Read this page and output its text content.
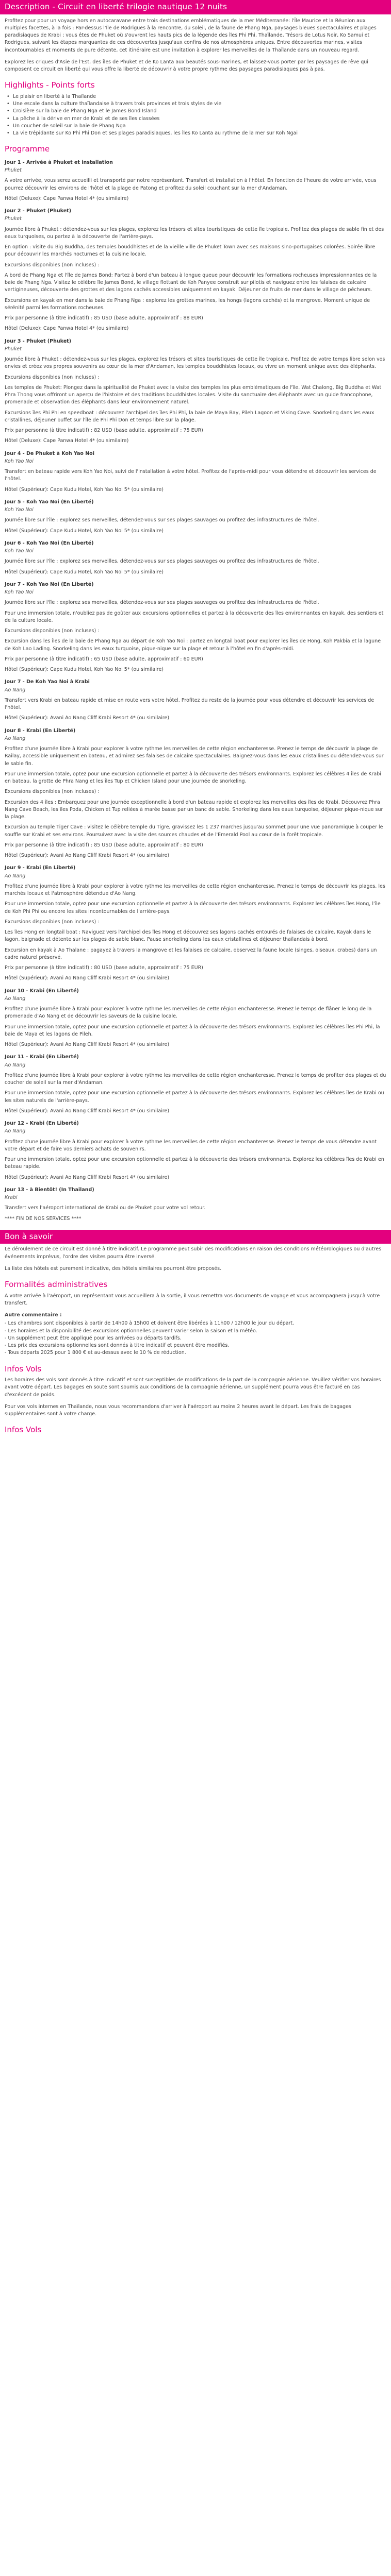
Description - Circuit en liberté trilogie nautique 12 nuits

Profitez pour pour un voyage hors en autocaravane entre trois destinations emblématiques de la mer Méditerranée: l'Île Maurice et la Réunion aux multiples facettes, à la fois : Par-dessus l'Île de Rodrigues à la rencontre, du soleil, de la faune de Phang Nga, paysages bleues spectaculaires et plages paradisiaques de Krabi ; vous êtes de Phuket où s'ouvrent les hauts pics de la légende des îles Phi Phi, Thaïlande, Trésors de Lotus Noir, Ko Samui et Rodrigues, suivant les étapes marquantes de ces découvertes jusqu'aux confins de nos atmosphères uniques. Entre découvertes marines, visites incontournables et moments de pure détente, cet itinéraire est une invitation à explorer les merveilles de la Thaïlande dans un nouveau regard.

Explorez les criques d'Asie de l'Est, des îles de Phuket et de Ko Lanta aux beautés sous-marines, et laissez-vous porter par les paysages de rêve qui composent ce circuit en liberté qui vous offre la liberté de découvrir à votre propre rythme des paysages paradisiaques pas à pas.

Highlights - Points forts
• Le plaisir en liberté à la Thaïlande
• Une escale dans la culture thaïlandaise à travers trois provinces et trois styles de vie
• Croisière sur la baie de Phang Nga et le James Bond Island
• La pêche à la dérive en mer de Krabi et de ses îles classées
• Un coucher de soleil sur la baie de Phang Nga
• La vie trépidante sur Ko Phi Phi Don et ses plages paradisiaques, les îles Ko Lanta au rythme de la mer sur Koh Ngai
Programme
Jour 1 - Arrivée à Phuket et installation
Phuket

A votre arrivée, vous serez accueilli et transporté par notre représentant. Transfert et installation à l'hôtel. En fonction de l'heure de votre arrivée, vous pourrez découvrir les environs de l'hôtel et la plage de Patong et profitez du soleil couchant sur la mer d'Andaman.

Hôtel (Deluxe): Cape Panwa Hotel 4* (ou similaire)

Jour 2 - Phuket (Phuket)
Phuket

Journée libre à Phuket : détendez-vous sur les plages, explorez les trésors et sites touristiques de cette île tropicale. Profitez des plages de sable fin et des eaux turquoises, ou partez à la découverte de l'arrière-pays.

En option : visite du Big Buddha, des temples bouddhistes et de la vieille ville de Phuket Town avec ses maisons sino-portugaises colorées. Soirée libre pour découvrir les marchés nocturnes et la cuisine locale.

Excursions disponibles (non incluses) :

A bord de Phang Nga et l'île de James Bond: Partez à bord d'un bateau à longue queue pour découvrir les formations rocheuses impressionnantes de la baie de Phang Nga. Visitez le célèbre île James Bond, le village flottant de Koh Panyee construit sur pilotis et naviguez entre les falaises de calcaire vertigineuses, découverte des grottes et des lagons cachés accessibles uniquement en kayak. Déjeuner de fruits de mer dans le village de pêcheurs.

Excursions en kayak en mer dans la baie de Phang Nga : explorez les grottes marines, les hongs (lagons cachés) et la mangrove. Moment unique de sérénité parmi les formations rocheuses.

Prix par personne (à titre indicatif) : 85 USD (base adulte, approximatif : 88 EUR)

Hôtel (Deluxe): Cape Panwa Hotel 4* (ou similaire)
Jour 3 - Phuket (Phuket)
Phuket

Journée libre à Phuket : détendez-vous sur les plages, explorez les trésors et sites touristiques de cette île tropicale. Profitez de votre temps libre selon vos envies et créez vos propres souvenirs au cœur de la mer d'Andaman, les temples bouddhistes locaux, ou vivre un moment unique avec des éléphants.

Excursions disponibles (non incluses) :

Les temples de Phuket: Plongez dans la spiritualité de Phuket avec la visite des temples les plus emblématiques de l'île. Wat Chalong, Big Buddha et Wat Phra Thong vous offriront un aperçu de l'histoire et des traditions bouddhistes locales. Visite du sanctuaire des éléphants avec un guide francophone, promenade et observation des éléphants dans leur environnement naturel.

Excursions îles Phi Phi en speedboat : découvrez l'archipel des îles Phi Phi, la baie de Maya Bay, Pileh Lagoon et Viking Cave. Snorkeling dans les eaux cristallines, déjeuner buffet sur l'île de Phi Phi Don et temps libre sur la plage.

Prix par personne (à titre indicatif) : 82 USD (base adulte, approximatif : 75 EUR)

Hôtel (Deluxe): Cape Panwa Hotel 4* (ou similaire)
Jour 4 - De Phuket à Koh Yao Noi
Koh Yao Noi

Transfert en bateau rapide vers Koh Yao Noi, suivi de l'installation à votre hôtel. Profitez de l'après-midi pour vous détendre et découvrir les services de l'hôtel.

Hôtel (Supérieur): Cape Kudu Hotel, Koh Yao Noi 5* (ou similaire)
Jour 5 - Koh Yao Noi (En Liberté)
Koh Yao Noi

Journée libre sur l'île : explorez ses merveilles, détendez-vous sur ses plages sauvages ou profitez des infrastructures de l'hôtel.

Hôtel (Supérieur): Cape Kudu Hotel, Koh Yao Noi 5* (ou similaire)
Jour 6 - Koh Yao Noi (En Liberté)
Koh Yao Noi

Journée libre sur l'île : explorez ses merveilles, détendez-vous sur ses plages sauvages ou profitez des infrastructures de l'hôtel.

Hôtel (Supérieur): Cape Kudu Hotel, Koh Yao Noi 5* (ou similaire)
Jour 7 - Koh Yao Noi (En Liberté)
Koh Yao Noi

Journée libre sur l'île : explorez ses merveilles, détendez-vous sur ses plages sauvages ou profitez des infrastructures de l'hôtel.

Pour une immersion totale, n'oubliez pas de goûter aux excursions optionnelles et partez à la découverte des îles environnantes en kayak, des sentiers et de la culture locale.

Excursions disponibles (non incluses) :

Excursion dans les îles de la baie de Phang Nga au départ de Koh Yao Noi : partez en longtail boat pour explorer les îles de Hong, Koh Pakbia et la lagune de Koh Lao Lading. Snorkeling dans les eaux turquoise, pique-nique sur la plage et retour à l'hôtel en fin d'après-midi.

Prix par personne (à titre indicatif) : 65 USD (base adulte, approximatif : 60 EUR)

Hôtel (Supérieur): Cape Kudu Hotel, Koh Yao Noi 5* (ou similaire)
Jour 7 - De Koh Yao Noi à Krabi
Ao Nang

Transfert vers Krabi en bateau rapide et mise en route vers votre hôtel. Profitez du reste de la journée pour vous détendre et découvrir les services de l'hôtel.

Hôtel (Supérieur): Avani Ao Nang Cliff Krabi Resort 4* (ou similaire)
Jour 8 - Krabi (En Liberté)
Ao Nang

Profitez d'une journée libre à Krabi pour explorer à votre rythme les merveilles de cette région enchanteresse. Prenez le temps de découvrir la plage de Railay, accessible uniquement en bateau, et admirez ses falaises de calcaire spectaculaires. Baignez-vous dans les eaux cristallines ou détendez-vous sur le sable fin.

Pour une immersion totale, optez pour une excursion optionnelle et partez à la découverte des trésors environnants. Explorez les célèbres 4 îles de Krabi en bateau, la grotte de Phra Nang et les îles Tup et Chicken Island pour une journée de snorkeling.

Excursions disponibles (non incluses) :

Excursion des 4 îles : Embarquez pour une journée exceptionnelle à bord d'un bateau rapide et explorez les merveilles des îles de Krabi. Découvrez Phra Nang Cave Beach, les îles Poda, Chicken et Tup reliées à marée basse par un banc de sable. Snorkeling dans les eaux turquoise, déjeuner pique-nique sur la plage.

Excursion au temple Tiger Cave : visitez le célèbre temple du Tigre, gravissez les 1 237 marches jusqu'au sommet pour une vue panoramique à couper le souffle sur Krabi et ses environs. Poursuivez avec la visite des sources chaudes et de l'Emerald Pool au cœur de la forêt tropicale.

Prix par personne (à titre indicatif) : 85 USD (base adulte, approximatif : 80 EUR)

Hôtel (Supérieur): Avani Ao Nang Cliff Krabi Resort 4* (ou similaire)
Jour 9 - Krabi (En Liberté)
Ao Nang

Profitez d'une journée libre à Krabi pour explorer à votre rythme les merveilles de cette région enchanteresse. Prenez le temps de découvrir les plages, les marchés locaux et l'atmosphère détendue d'Ao Nang.

Pour une immersion totale, optez pour une excursion optionnelle et partez à la découverte des trésors environnants. Explorez les célèbres îles Hong, l'île de Koh Phi Phi ou encore les sites incontournables de l'arrière-pays.

Excursions disponibles (non incluses) :

Les îles Hong en longtail boat : Naviguez vers l'archipel des îles Hong et découvrez ses lagons cachés entourés de falaises de calcaire. Kayak dans le lagon, baignade et détente sur les plages de sable blanc. Pause snorkeling dans les eaux cristallines et déjeuner thaïlandais à bord.

Excursion en kayak à Ao Thalane : pagayez à travers la mangrove et les falaises de calcaire, observez la faune locale (singes, oiseaux, crabes) dans un cadre naturel préservé.

Prix par personne (à titre indicatif) : 80 USD (base adulte, approximatif : 75 EUR)

Hôtel (Supérieur): Avani Ao Nang Cliff Krabi Resort 4* (ou similaire)
Jour 10 - Krabi (En Liberté)
Ao Nang

Profitez d'une journée libre à Krabi pour explorer à votre rythme les merveilles de cette région enchanteresse. Prenez le temps de flâner le long de la promenade d'Ao Nang et de découvrir les saveurs de la cuisine locale.

Pour une immersion totale, optez pour une excursion optionnelle et partez à la découverte des trésors environnants. Explorez les célèbres îles Phi Phi, la baie de Maya et les lagons de Pileh.

Hôtel (Supérieur): Avani Ao Nang Cliff Krabi Resort 4* (ou similaire)
Jour 11 - Krabi (En Liberté)
Ao Nang

Profitez d'une journée libre à Krabi pour explorer à votre rythme les merveilles de cette région enchanteresse. Prenez le temps de profiter des plages et du coucher de soleil sur la mer d'Andaman.

Pour une immersion totale, optez pour une excursion optionnelle et partez à la découverte des trésors environnants. Explorez les célèbres îles de Krabi ou les sites naturels de l'arrière-pays.

Hôtel (Supérieur): Avani Ao Nang Cliff Krabi Resort 4* (ou similaire)
Jour 12 - Krabi (En Liberté)
Ao Nang

Profitez d'une journée libre à Krabi pour explorer à votre rythme les merveilles de cette région enchanteresse. Prenez le temps de vous détendre avant votre départ et de faire vos derniers achats de souvenirs.

Pour une immersion totale, optez pour une excursion optionnelle et partez à la découverte des trésors environnants. Explorez les célèbres îles de Krabi en bateau rapide.

Hôtel (Supérieur): Avani Ao Nang Cliff Krabi Resort 4* (ou similaire)
Jour 13 - à Bientôt! (In Thailand)
Krabi

Transfert vers l'aéroport international de Krabi ou de Phuket pour votre vol retour.

**** FIN DE NOS SERVICES ****

Bon à savoir

Le déroulement de ce circuit est donné à titre indicatif. Le programme peut subir des modifications en raison des conditions météorologiques ou d'autres événements imprévus, l'ordre des visites pourra être inversé.

La liste des hôtels est purement indicative, des hôtels similaires pourront être proposés.

Formalités administratives

A votre arrivée à l'aéroport, un représentant vous accueillera à la sortie, il vous remettra vos documents de voyage et vous accompagnera jusqu'à votre transfert.

Autre commentaire :

- Les chambres sont disponibles à partir de 14h00 à 15h00 et doivent être libérées à 11h00 / 12h00 le jour du départ.
- Les horaires et la disponibilité des excursions optionnelles peuvent varier selon la saison et la météo.
- Un supplément peut être appliqué pour les arrivées ou départs tardifs.
- Les prix des excursions optionnelles sont donnés à titre indicatif et peuvent être modifiés.
- Tous départs 2025 pour 1 800 € et au-dessus avec le 10 % de réduction.
Infos Vols

Les horaires des vols sont donnés à titre indicatif et sont susceptibles de modifications de la part de la compagnie aérienne. Veuillez vérifier vos horaires avant votre départ. Les bagages en soute sont soumis aux conditions de la compagnie aérienne, un supplément pourra vous être facturé en cas d'excédent de poids.

Pour vos vols internes en Thaïlande, nous vous recommandons d'arriver à l'aéroport au moins 2 heures avant le départ. Les frais de bagages supplémentaires sont à votre charge.

Infos Vols
